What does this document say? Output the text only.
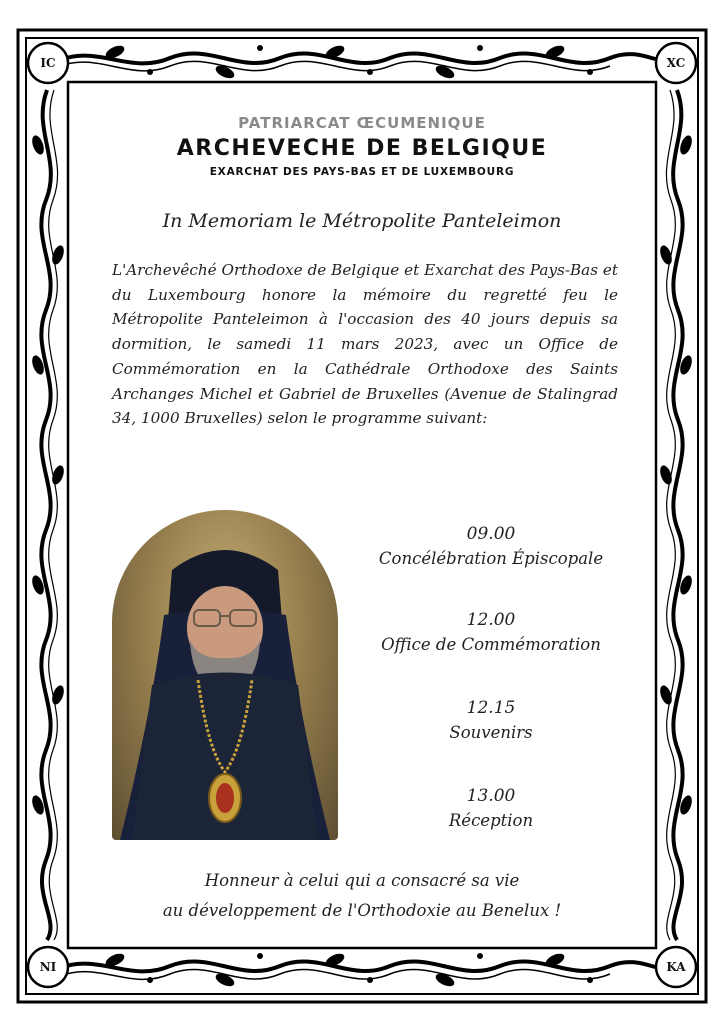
IC	XC
NI	KA
PATRIARCAT ŒCUMENIQUE
ARCHEVECHE DE BELGIQUE
EXARCHAT DES PAYS-BAS ET DE LUXEMBOURG
In Memoriam le Métropolite Panteleimon
L'Archevêché Orthodoxe de Belgique et Exarchat des Pays-Bas et du Luxembourg honore la mémoire du regretté feu le Métropolite Panteleimon à l'occasion des 40 jours depuis sa dormition, le samedi 11 mars 2023, avec un Office de Commémoration en la Cathédrale Orthodoxe des Saints Archanges Michel et Gabriel de Bruxelles (Avenue de Stalingrad 34, 1000 Bruxelles) selon le programme suivant:
09.00
Concélébration Épiscopale
12.00
Office de Commémoration
12.15
Souvenirs
13.00
Réception
Honneur à celui qui a consacré sa vie
au développement de l'Orthodoxie au Benelux !
